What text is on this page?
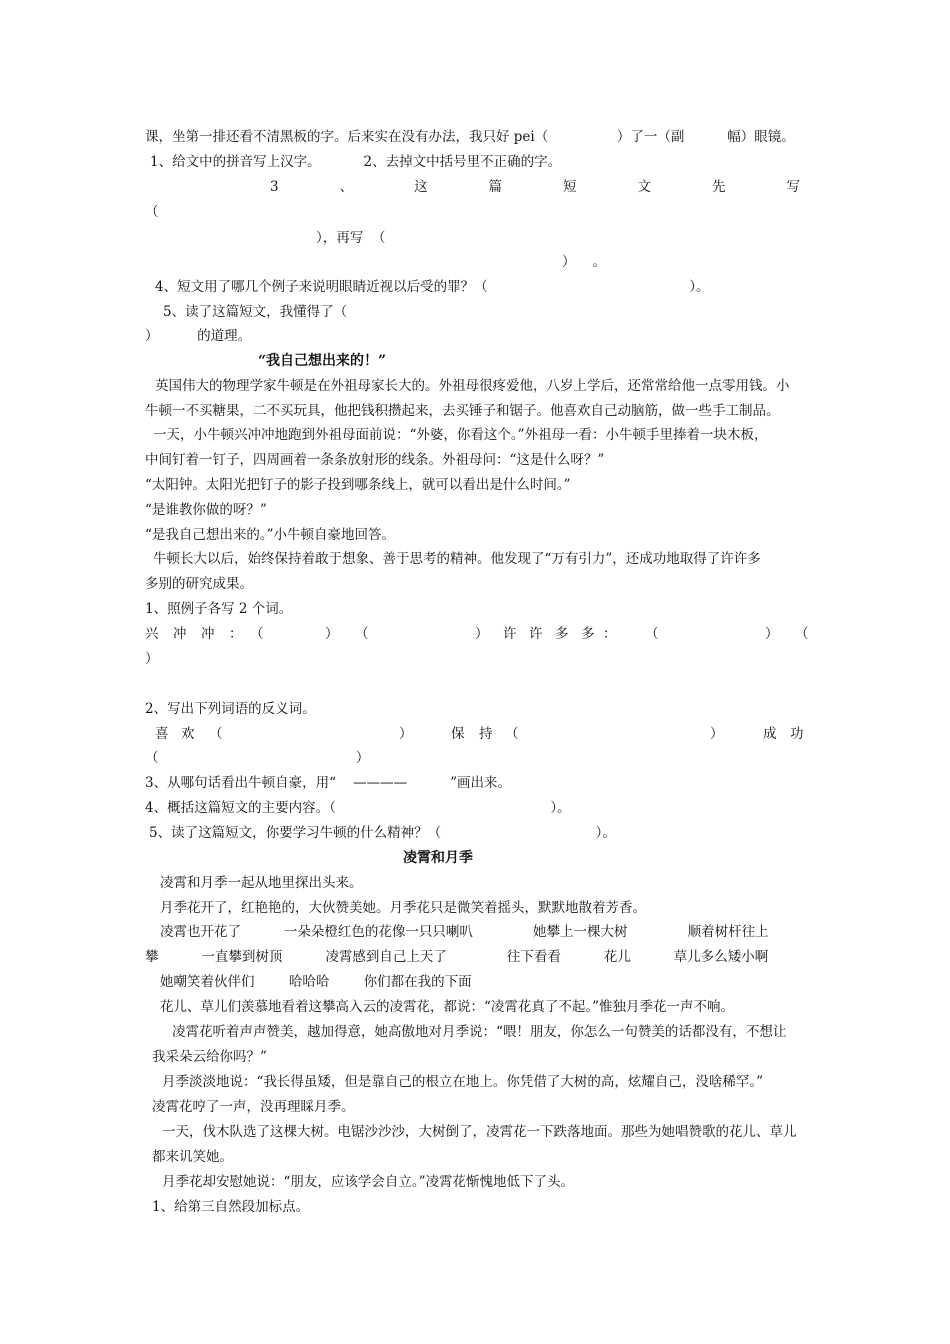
课，坐第一排还看不清黑板的字。后来实在没有办法，我只好 pei（                ）了一（副          幅）眼镜。
1、给文中的拼音写上汉字。          2、去掉文中括号里不正确的字。
3	、	这	篇	短	文	先	写
（
），再写  （
）    。
4、短文用了哪几个例子来说明眼睛近视以后受的罪？（                                               ）。
5、读了这篇短文，我懂得了（
）         的道理。
“我自己想出来的！”
英国伟大的物理学家牛顿是在外祖母家长大的。外祖母很疼爱他，八岁上学后，还常常给他一点零用钱。小
牛顿一不买糖果，二不买玩具，他把钱积攒起来，去买锤子和锯子。他喜欢自己动脑筋，做一些手工制品。
一天，小牛顿兴冲冲地跑到外祖母面前说：“外婆，你看这个。”外祖母一看：小牛顿手里捧着一块木板，
中间钉着一钉子，四周画着一条条放射形的线条。外祖母问：“这是什么呀？”
“太阳钟。太阳光把钉子的影子投到哪条线上，就可以看出是什么时间。”
“是谁教你做的呀？”
“是我自己想出来的。”小牛顿自豪地回答。
牛顿长大以后，始终保持着敢于想象、善于思考的精神。他发现了“万有引力”，还成功地取得了许许多
多别的研究成果。
1、照例子各写 2 个词。
兴 冲 冲 ： （	） （	） 许 许 多 多 ： （	） （
）
2、写出下列词语的反义词。
喜 欢 （	）	保 持 （	）	成 功
（                                              ）
3、从哪句话看出牛顿自豪，用“    ————          ”画出来。
4、概括这篇短文的主要内容。（                                                  ）。
5、读了这篇短文，你要学习牛顿的什么精神？（                                    ）。
凌霄和月季
凌霄和月季一起从地里探出头来。
月季花开了，红艳艳的，大伙赞美她。月季花只是微笑着摇头，默默地散着芳香。
凌霄也开花了          一朵朵橙红色的花像一只只喇叭              她攀上一棵大树              顺着树杆往上
攀          一直攀到树顶          凌霄感到自己上天了              往下看看          花儿          草儿多么矮小啊
她嘲笑着伙伴们        哈哈哈        你们都在我的下面
花儿、草儿们羡慕地看着这攀高入云的凌霄花，都说：“凌霄花真了不起。”惟独月季花一声不响。
凌霄花听着声声赞美，越加得意，她高傲地对月季说：“喂！朋友，你怎么一句赞美的话都没有，不想让
我采朵云给你吗？”
月季淡淡地说：“我长得虽矮，但是靠自己的根立在地上。你凭借了大树的高，炫耀自己，没啥稀罕。”
凌霄花哼了一声，没再理睬月季。
一天，伐木队选了这棵大树。电锯沙沙沙，大树倒了，凌霄花一下跌落地面。那些为她唱赞歌的花儿、草儿
都来讥笑她。
月季花却安慰她说：“朋友，应该学会自立。”凌霄花惭愧地低下了头。
1、给第三自然段加标点。
